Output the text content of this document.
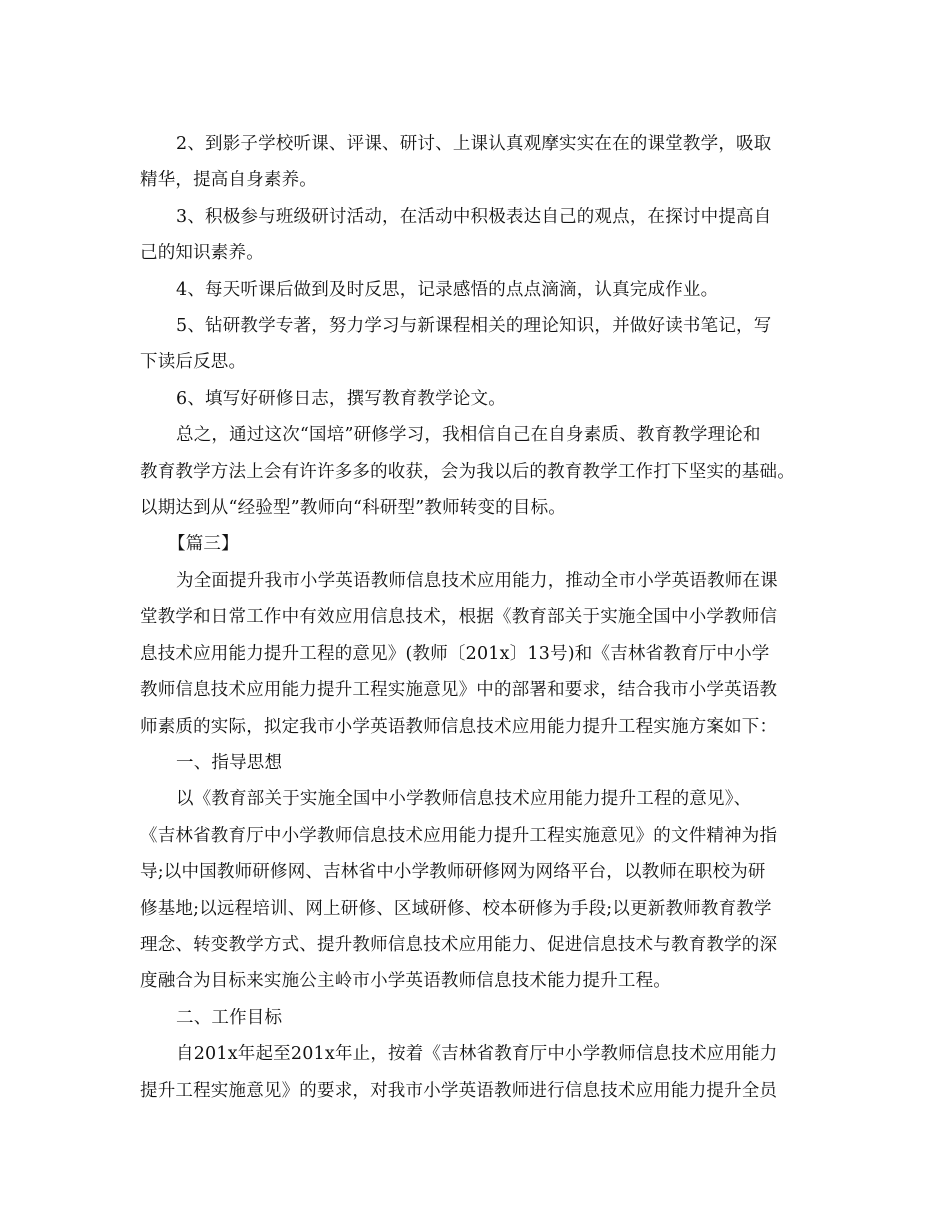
2、到影子学校听课、评课、研讨、上课认真观摩实实在在的课堂教学，吸取

精华，提高自身素养。

3、积极参与班级研讨活动，在活动中积极表达自己的观点，在探讨中提高自

己的知识素养。

4、每天听课后做到及时反思，记录感悟的点点滴滴，认真完成作业。

5、钻研教学专著，努力学习与新课程相关的理论知识，并做好读书笔记，写

下读后反思。

6、填写好研修日志，撰写教育教学论文。

总之，通过这次“国培”研修学习，我相信自己在自身素质、教育教学理论和

教育教学方法上会有许许多多的收获，会为我以后的教育教学工作打下坚实的基础。

以期达到从“经验型”教师向“科研型”教师转变的目标。

【篇三】

为全面提升我市小学英语教师信息技术应用能力，推动全市小学英语教师在课

堂教学和日常工作中有效应用信息技术，根据《教育部关于实施全国中小学教师信

息技术应用能力提升工程的意见》(教师〔201x〕13号)和《吉林省教育厅中小学

教师信息技术应用能力提升工程实施意见》中的部署和要求，结合我市小学英语教

师素质的实际，拟定我市小学英语教师信息技术应用能力提升工程实施方案如下：

一、指导思想

以《教育部关于实施全国中小学教师信息技术应用能力提升工程的意见》、

《吉林省教育厅中小学教师信息技术应用能力提升工程实施意见》的文件精神为指

导;以中国教师研修网、吉林省中小学教师研修网为网络平台，以教师在职校为研

修基地;以远程培训、网上研修、区域研修、校本研修为手段;以更新教师教育教学

理念、转变教学方式、提升教师信息技术应用能力、促进信息技术与教育教学的深

度融合为目标来实施公主岭市小学英语教师信息技术能力提升工程。

二、工作目标

自201x年起至201x年止，按着《吉林省教育厅中小学教师信息技术应用能力

提升工程实施意见》的要求，对我市小学英语教师进行信息技术应用能力提升全员
